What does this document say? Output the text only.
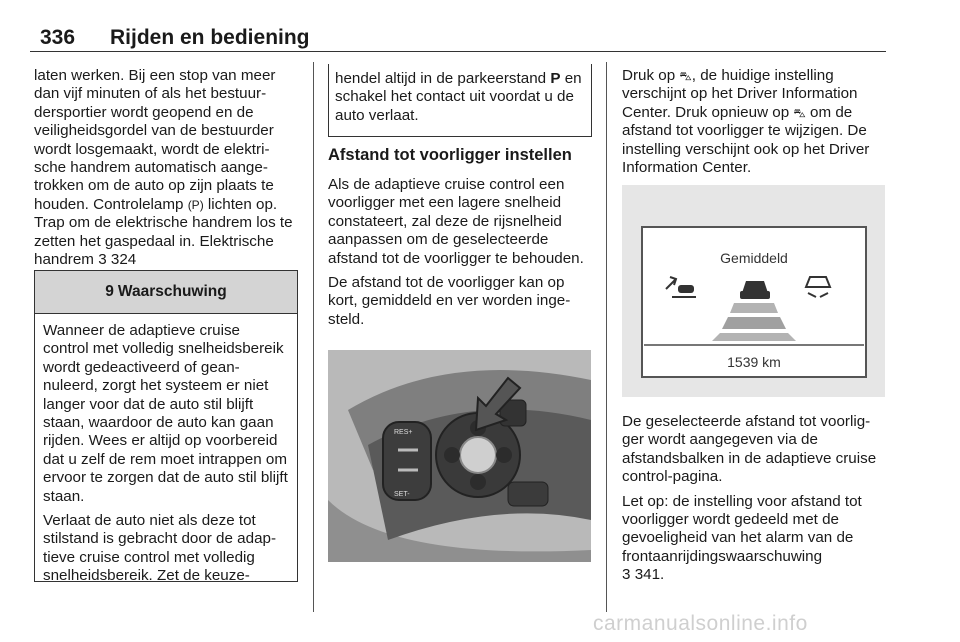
336 Rijden en bediening

laten werken. Bij een stop van meer dan vijf minuten of als het bestuurdersportier wordt geopend en de veiligheidsgordel van de bestuurder wordt losgemaakt, wordt de elektrische handrem automatisch aangetrokken om de auto op zijn plaats te houden. Controlelamp (P) lichten op. Trap om de elektrische handrem los te zetten het gaspedaal in. Elektrische handrem 3 324

9 Waarschuwing

Wanneer de adaptieve cruise control met volledig snelheidsbereik wordt gedeactiveerd of geannuleerd, zorgt het systeem er niet langer voor dat de auto stil blijft staan, waardoor de auto kan gaan rijden. Wees er altijd op voorbereid dat u zelf de rem moet intrappen om ervoor te zorgen dat de auto stil blijft staan.

Verlaat de auto niet als deze tot stilstand is gebracht door de adaptieve cruise control met volledig snelheidsbereik. Zet de keuze-

hendel altijd in de parkeerstand P en schakel het contact uit voordat u de auto verlaat.
Afstand tot voorligger instellen

Als de adaptieve cruise control een voorligger met een lagere snelheid constateert, zal deze de rijsnelheid aanpassen om de geselecteerde afstand tot de voorligger te behouden.

De afstand tot de voorligger kan op kort, gemiddeld en ver worden ingesteld.

RES+
SET-

Druk op ⛍, de huidige instelling verschijnt op het Driver Information Center. Druk opnieuw op ⛍ om de afstand tot voorligger te wijzigen. De instelling verschijnt ook op het Driver Information Center.

Gemiddeld
1539 km

De geselecteerde afstand tot voorligger wordt aangegeven via de afstandsbalken in de adaptieve cruise control-pagina.

Let op: de instelling voor afstand tot voorligger wordt gedeeld met de gevoeligheid van het alarm van de frontaanrijdingswaarschuwing
3 341.

carmanualsonline.info
